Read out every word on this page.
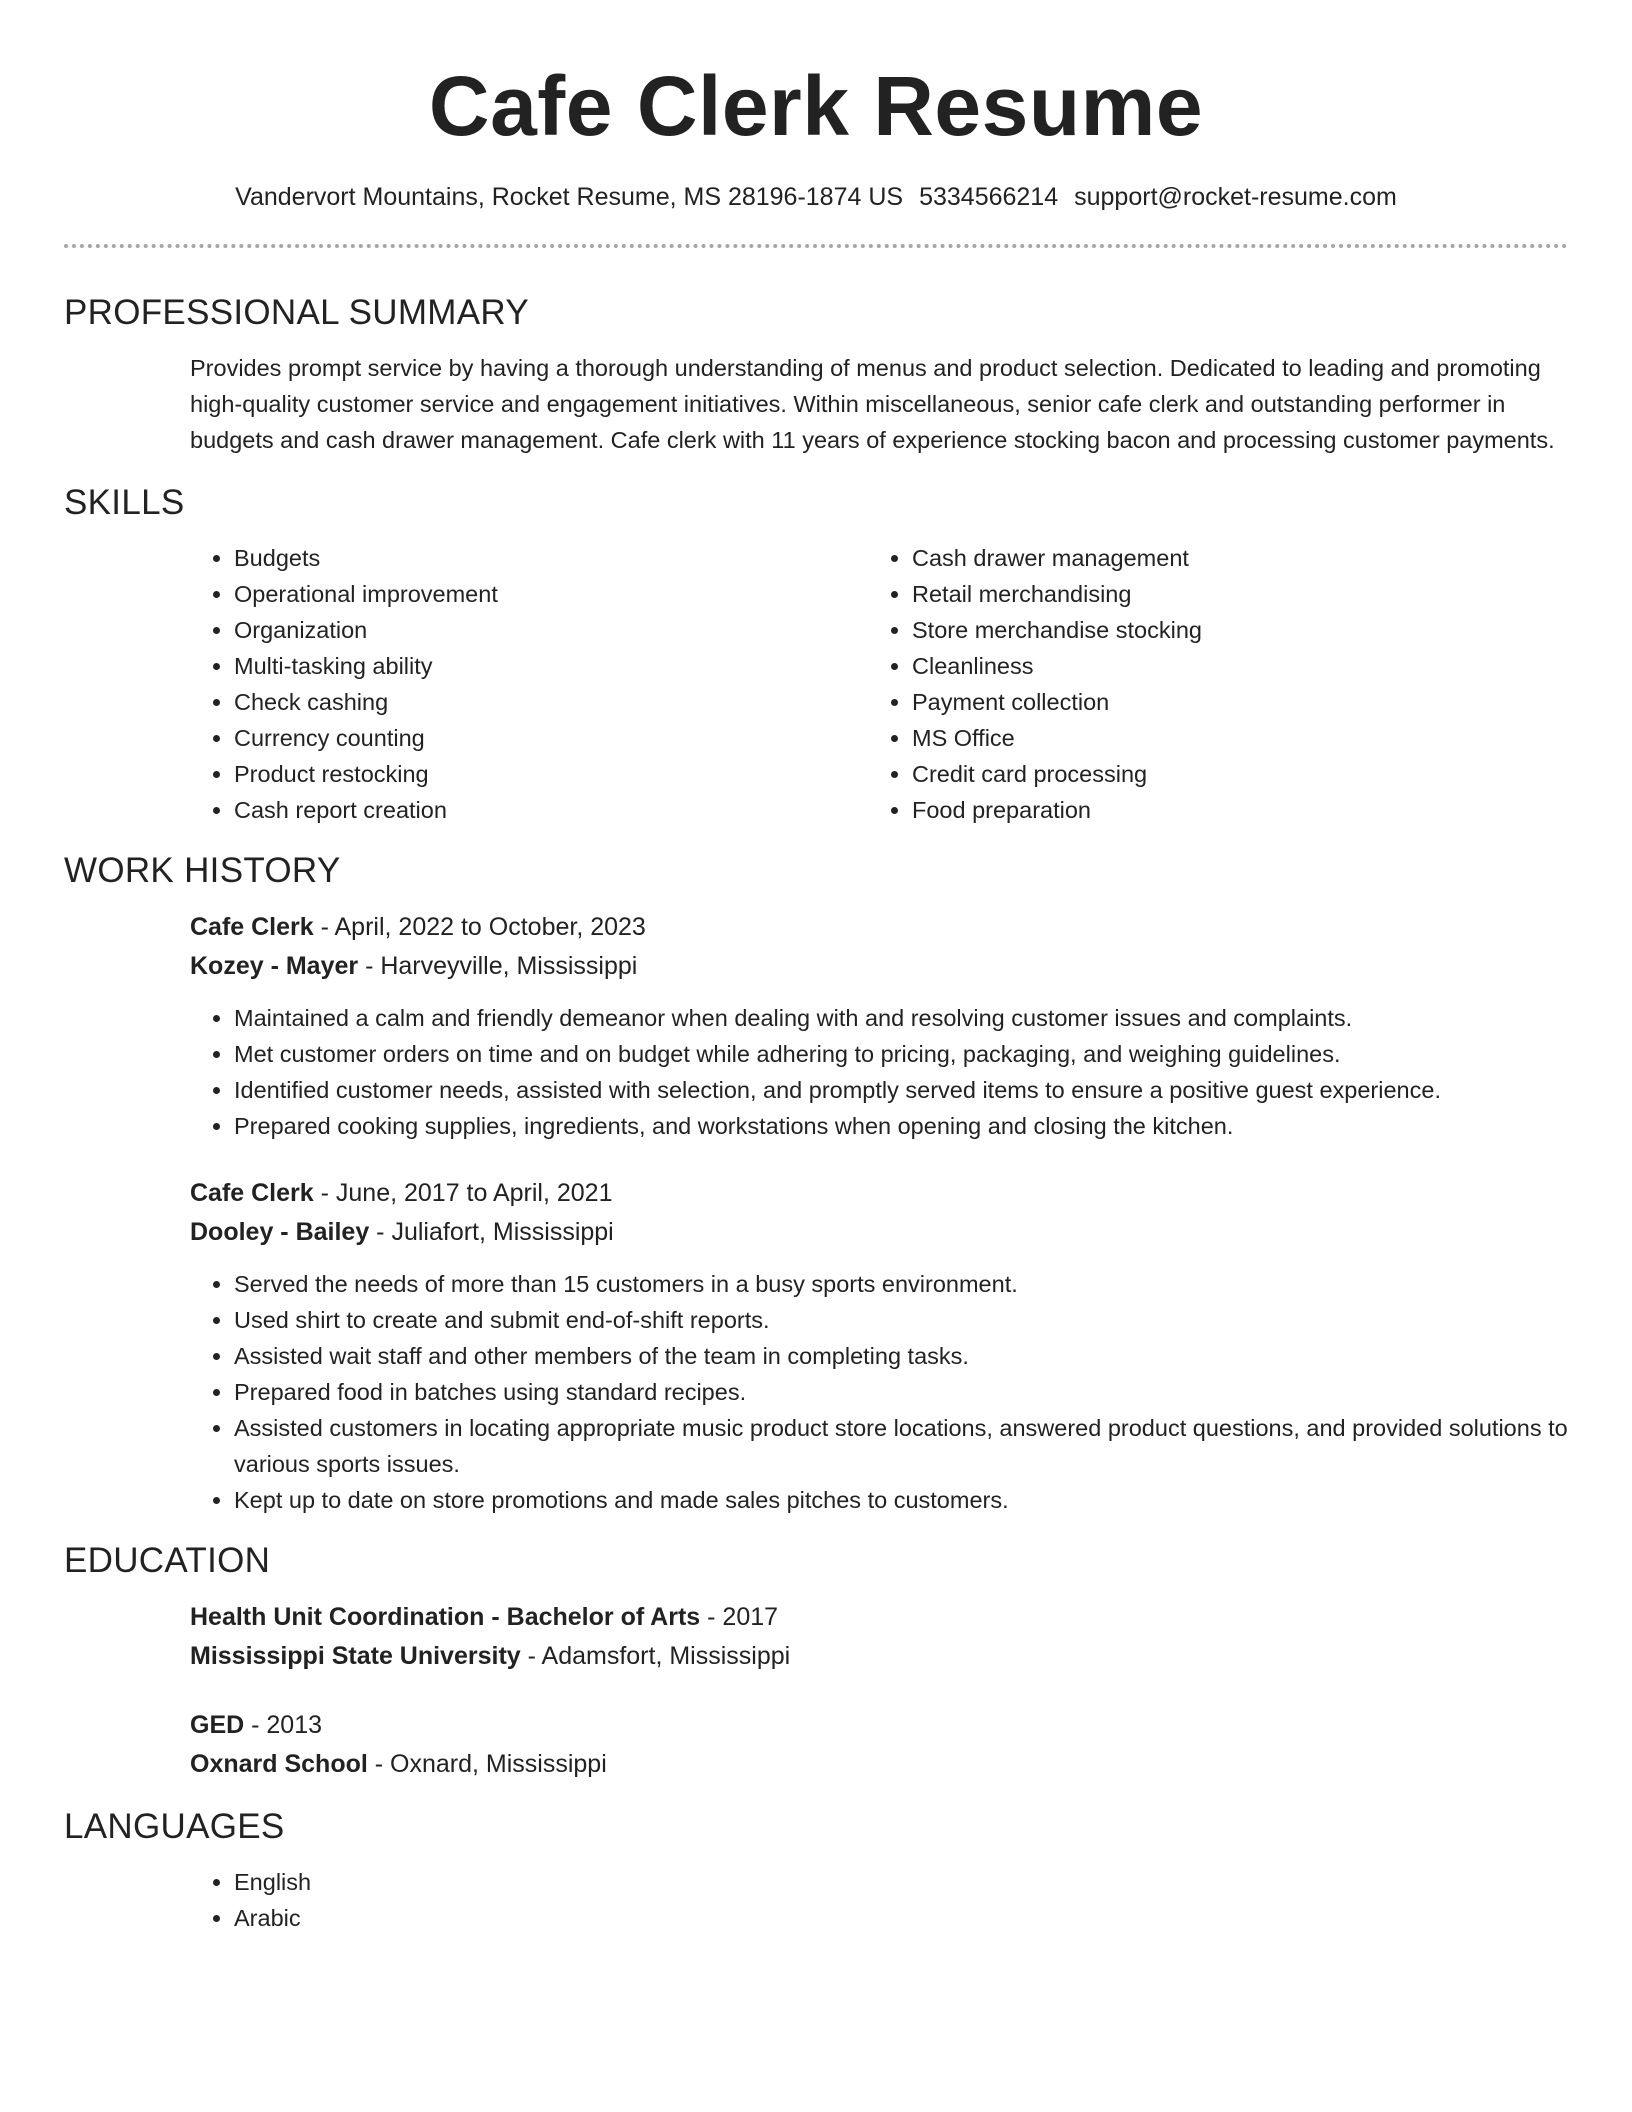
Cafe Clerk Resume
Vandervort Mountains, Rocket Resume, MS 28196-1874 US 5334566214 support@rocket-resume.com
PROFESSIONAL SUMMARY
Provides prompt service by having a thorough understanding of menus and product selection. Dedicated to leading and promoting high-quality customer service and engagement initiatives. Within miscellaneous, senior cafe clerk and outstanding performer in budgets and cash drawer management. Cafe clerk with 11 years of experience stocking bacon and processing customer payments.
SKILLS
• Budgets
• Operational improvement
• Organization
• Multi-tasking ability
• Check cashing
• Currency counting
• Product restocking
• Cash report creation
• Cash drawer management
• Retail merchandising
• Store merchandise stocking
• Cleanliness
• Payment collection
• MS Office
• Credit card processing
• Food preparation
WORK HISTORY
Cafe Clerk - April, 2022 to October, 2023
Kozey - Mayer - Harveyville, Mississippi
• Maintained a calm and friendly demeanor when dealing with and resolving customer issues and complaints.
• Met customer orders on time and on budget while adhering to pricing, packaging, and weighing guidelines.
• Identified customer needs, assisted with selection, and promptly served items to ensure a positive guest experience.
• Prepared cooking supplies, ingredients, and workstations when opening and closing the kitchen.
Cafe Clerk - June, 2017 to April, 2021
Dooley - Bailey - Juliafort, Mississippi
• Served the needs of more than 15 customers in a busy sports environment.
• Used shirt to create and submit end-of-shift reports.
• Assisted wait staff and other members of the team in completing tasks.
• Prepared food in batches using standard recipes.
• Assisted customers in locating appropriate music product store locations, answered product questions, and provided solutions to various sports issues.
• Kept up to date on store promotions and made sales pitches to customers.
EDUCATION
Health Unit Coordination - Bachelor of Arts - 2017
Mississippi State University - Adamsfort, Mississippi
GED - 2013
Oxnard School - Oxnard, Mississippi
LANGUAGES
• English
• Arabic
